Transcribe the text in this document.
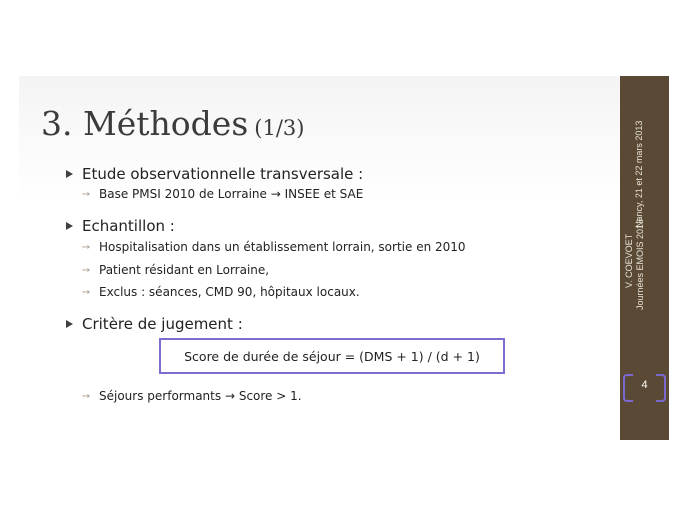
3. Méthodes (1/3)
Etude observationnelle transversale :
➙ Base PMSI 2010 de Lorraine
→
INSEE et SAE
Echantillon :
➙ Hospitalisation dans un établissement lorrain, sortie en 2010
➙ Patient résidant en Lorraine,
➙ Exclus : séances, CMD 90, hôpitaux locaux.
Critère de jugement :
Score de durée de séjour = (DMS + 1) / (d + 1)
➙ Séjours performants
→
Score > 1.
Nancy, 21 et 22 mars 2013
V. COEVOET Journées EMOIS 2013
4
